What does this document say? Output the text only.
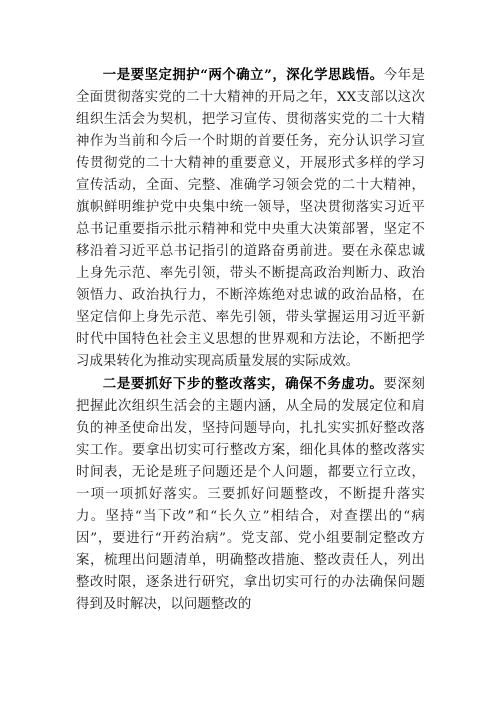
一是要坚定拥护“两个确立”，深化学思践悟。今年是全面贯彻落实党的二十大精神的开局之年，XX支部以这次组织生活会为契机，把学习宣传、贯彻落实党的二十大精神作为当前和今后一个时期的首要任务，充分认识学习宣传贯彻党的二十大精神的重要意义，开展形式多样的学习宣传活动，全面、完整、准确学习领会党的二十大精神，旗帜鲜明维护党中央集中统一领导，坚决贯彻落实习近平总书记重要指示批示精神和党中央重大决策部署，坚定不移沿着习近平总书记指引的道路奋勇前进。要在永葆忠诚上身先示范、率先引领，带头不断提高政治判断力、政治领悟力、政治执行力，不断淬炼绝对忠诚的政治品格，在坚定信仰上身先示范、率先引领，带头掌握运用习近平新时代中国特色社会主义思想的世界观和方法论，不断把学习成果转化为推动实现高质量发展的实际成效。

二是要抓好下步的整改落实，确保不务虚功。要深刻把握此次组织生活会的主题内涵，从全局的发展定位和肩负的神圣使命出发，坚持问题导向，扎扎实实抓好整改落实工作。要拿出切实可行整改方案，细化具体的整改落实时间表，无论是班子问题还是个人问题，都要立行立改，一项一项抓好落实。三要抓好问题整改，不断提升落实力。坚持“当下改”和“长久立”相结合，对查摆出的“病因”，要进行“开药治病”。党支部、党小组要制定整改方案，梳理出问题清单，明确整改措施、整改责任人，列出整改时限，逐条进行研究，拿出切实可行的办法确保问题得到及时解决，以问题整改的
